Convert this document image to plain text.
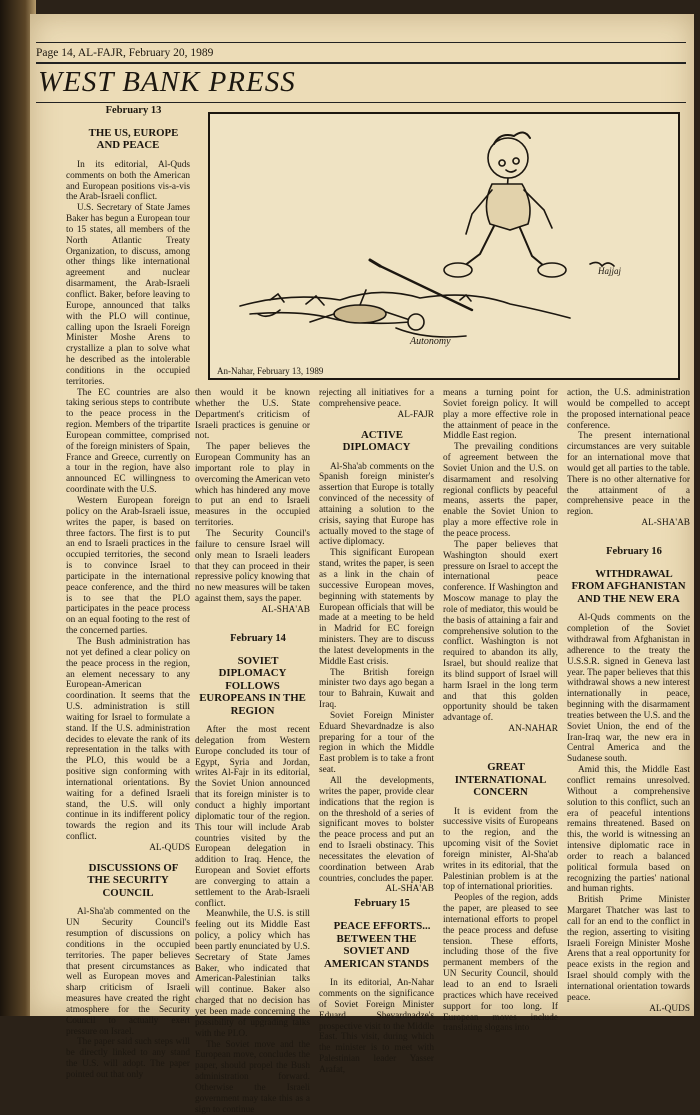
Page 14, AL-FAJR, February 20, 1989
WEST BANK PRESS
Autonomy
Hajjaj
An-Nahar, February 13, 1989

February 13

THE US, EUROPE AND PEACE

In its editorial, Al-Quds comments on both the American and European positions vis-a-vis the Arab-Israeli conflict.

U.S. Secretary of State James Baker has begun a European tour to 15 states, all members of the North Atlantic Treaty Organization, to discuss, among other things like international agreement and nuclear disarmament, the Arab-Israeli conflict. Baker, before leaving to Europe, announced that talks with the PLO will continue, calling upon the Israeli Foreign Minister Moshe Arens to crystallize a plan to solve what he described as the intolerable conditions in the occupied territories.

The EC countries are also taking serious steps to contribute to the peace process in the region. Members of the tripartite European committee, comprised of the foreign ministers of Spain, France and Greece, currently on a tour in the region, have also announced EC willingness to coordinate with the U.S.

Western European foreign policy on the Arab-Israeli issue, writes the paper, is based on three factors. The first is to put an end to Israeli practices in the occupied territories, the second is to convince Israel to participate in the international peace conference, and the third is to see that the PLO participates in the peace process on an equal footing to the rest of the concerned parties.

The Bush administration has not yet defined a clear policy on the peace process in the region, an element necessary to any European-American coordination. It seems that the U.S. administration is still waiting for Israel to formulate a stand. If the U.S. administration decides to elevate the rank of its representation in the talks with the PLO, this would be a positive sign conforming with international orientations. By waiting for a defined Israeli stand, the U.S. will only continue in its indifferent policy towards the region and its conflict.

AL-QUDS

DISCUSSIONS OF THE SECURITY COUNCIL

Al-Sha'ab commented on the UN Security Council's resumption of discussions on conditions in the occupied territories. The paper believes that present circumstances as well as European moves and sharp criticism of Israeli measures have created the right atmosphere for the Security Council to actually exert pressure on Israel.

The paper said such steps will be directly linked to any stand the U.S. will adopt. The paper pointed out that only

then would it be known whether the U.S. State Department's criticism of Israeli practices is genuine or not.

The paper believes the European Community has an important role to play in overcoming the American veto which has hindered any move to put an end to Israeli measures in the occupied territories.

The Security Council's failure to censure Israel will only mean to Israeli leaders that they can proceed in their repressive policy knowing that no new measures will be taken against them, says the paper.

AL-SHA'AB

February 14

SOVIET DIPLOMACY FOLLOWS EUROPEANS IN THE REGION

After the most recent delegation from Western Europe concluded its tour of Egypt, Syria and Jordan, writes Al-Fajr in its editorial, the Soviet Union announced that its foreign minister is to conduct a highly important diplomatic tour of the region. This tour will include Arab countries visited by the European delegation in addition to Iraq. Hence, the European and Soviet efforts are converging to attain a settlement to the Arab-Israeli conflict.

Meanwhile, the U.S. is still feeling out its Middle East policy, a policy which has been partly enunciated by U.S. Secretary of State James Baker, who indicated that American-Palestinian talks will continue. Baker also charged that no decision has yet been made concerning the possibility of upgrading talks with the PLO.

The Soviet move and the European move, concludes the paper, should propel the Bush administration forward. Otherwise the Israeli government may take this as a sign to continue

rejecting all initiatives for a comprehensive peace.

AL-FAJR

ACTIVE DIPLOMACY

Al-Sha'ab comments on the Spanish foreign minister's assertion that Europe is totally convinced of the necessity of attaining a solution to the crisis, saying that Europe has actually moved to the stage of active diplomacy.

This significant European stand, writes the paper, is seen as a link in the chain of successive European moves, beginning with statements by European officials that will be made at a meeting to be held in Madrid for EC foreign ministers. They are to discuss the latest developments in the Middle East crisis.

The British foreign minister two days ago began a tour to Bahrain, Kuwait and Iraq.

Soviet Foreign Minister Eduard Shevardnadze is also preparing for a tour of the region in which the Middle East problem is to take a front seat.

All the developments, writes the paper, provide clear indications that the region is on the threshold of a series of significant moves to bolster the peace process and put an end to Israeli obstinacy. This necessitates the elevation of coordination between Arab countries, concludes the paper.

AL-SHA'AB

February 15

PEACE EFFORTS... BETWEEN THE SOVIET AND AMERICAN STANDS

In its editorial, An-Nahar comments on the significance of Soviet Foreign Minister Eduard Shevardnadze's prospective visit to the Middle East. This visit, during which the minister is to meet with Palestinian leader Yasser Arafat,

means a turning point for Soviet foreign policy. It will play a more effective role in the attainment of peace in the Middle East region.

The prevailing conditions of agreement between the Soviet Union and the U.S. on disarmament and resolving regional conflicts by peaceful means, asserts the paper, enable the Soviet Union to play a more effective role in the peace process.

The paper believes that Washington should exert pressure on Israel to accept the international peace conference. If Washington and Moscow manage to play the role of mediator, this would be the basis of attaining a fair and comprehensive solution to the conflict. Washington is not required to abandon its ally, Israel, but should realize that its blind support of Israel will harm Israel in the long term and that this golden opportunity should be taken advantage of.

AN-NAHAR

GREAT INTERNATIONAL CONCERN

It is evident from the successive visits of Europeans to the region, and the upcoming visit of the Soviet foreign minister, Al-Sha'ab writes in its editorial, that the Palestinian problem is at the top of international priorities.

Peoples of the region, adds the paper, are pleased to see international efforts to propel the peace process and defuse tension. These efforts, including those of the five permanent members of the UN Security Council, should lead to an end to Israeli practices which have received support for too long. If European moves include translating slogans into

action, the U.S. administration would be compelled to accept the proposed international peace conference.

The present international circumstances are very suitable for an international move that would get all parties to the table. There is no other alternative for the attainment of a comprehensive peace in the region.

AL-SHA'AB

February 16

WITHDRAWAL FROM AFGHANISTAN AND THE NEW ERA

Al-Quds comments on the completion of the Soviet withdrawal from Afghanistan in adherence to the treaty the U.S.S.R. signed in Geneva last year. The paper believes that this withdrawal shows a new interest internationally in peace, beginning with the disarmament treaties between the U.S. and the Soviet Union, the end of the Iran-Iraq war, the new era in Central America and the Sudanese south.

Amid this, the Middle East conflict remains unresolved. Without a comprehensive solution to this conflict, such an era of peaceful intentions remains threatened. Based on this, the world is witnessing an intensive diplomatic race in order to reach a balanced political formula based on recognizing the parties' national and human rights.

British Prime Minister Margaret Thatcher was last to call for an end to the conflict in the region, asserting to visiting Israeli Foreign Minister Moshe Arens that a real opportunity for peace exists in the region and Israel should comply with the international orientation towards peace.

AL-QUDS
